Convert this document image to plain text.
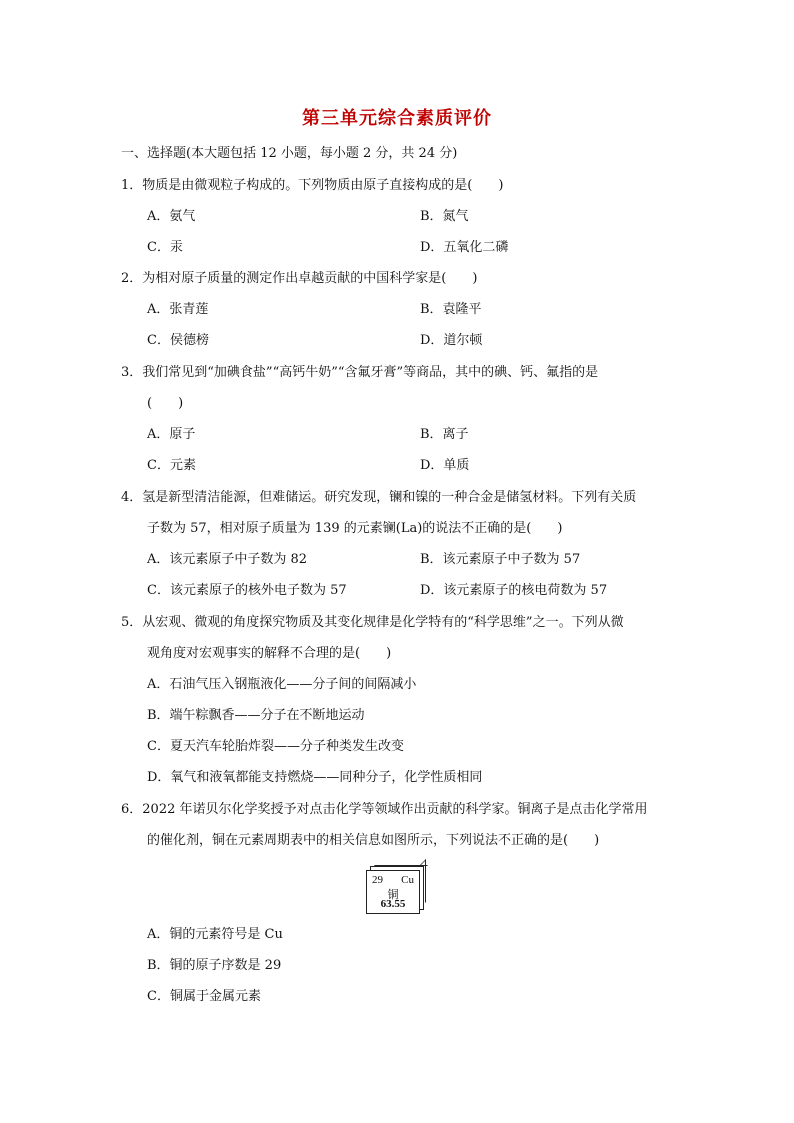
第三单元综合素质评价
一、选择题(本大题包括 12 小题，每小题 2 分，共 24 分)
1．物质是由微观粒子构成的。下列物质由原子直接构成的是(　　)
A．氨气	B．氮气
C．汞	D．五氧化二磷
2．为相对原子质量的测定作出卓越贡献的中国科学家是(　　)
A．张青莲	B．袁隆平
C．侯德榜	D．道尔顿
3．我们常见到“加碘食盐”“高钙牛奶”“含氟牙膏”等商品，其中的碘、钙、氟指的是
(　　)
A．原子	B．离子
C．元素	D．单质
4．氢是新型清洁能源，但难储运。研究发现，镧和镍的一种合金是储氢材料。下列有关质
子数为 57，相对原子质量为 139 的元素镧(La)的说法不正确的是(　　)
A．该元素原子中子数为 82	B．该元素原子中子数为 57
C．该元素原子的核外电子数为 57	D．该元素原子的核电荷数为 57
5．从宏观、微观的角度探究物质及其变化规律是化学特有的“科学思维”之一。下列从微
观角度对宏观事实的解释不合理的是(　　)
A．石油气压入钢瓶液化——分子间的间隔减小
B．端午粽飘香——分子在不断地运动
C．夏天汽车轮胎炸裂——分子种类发生改变
D．氧气和液氧都能支持燃烧——同种分子，化学性质相同
6．2022 年诺贝尔化学奖授予对点击化学等领域作出贡献的科学家。铜离子是点击化学常用
的催化剂，铜在元素周期表中的相关信息如图所示，下列说法不正确的是(　　)
29 Cu
铜
63.55
A．铜的元素符号是 Cu
B．铜的原子序数是 29
C．铜属于金属元素
